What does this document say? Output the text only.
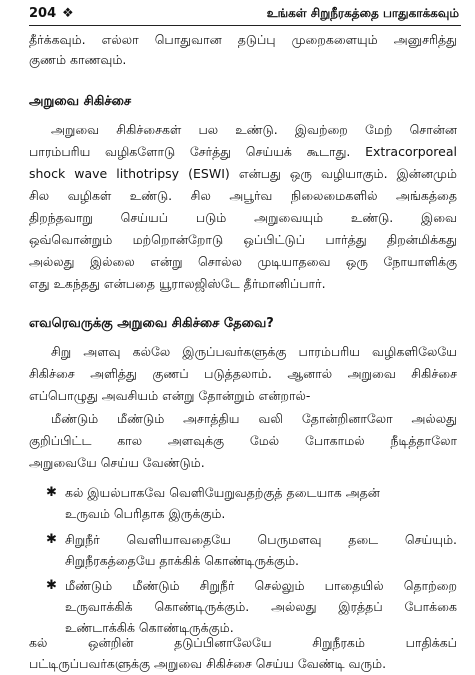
204 ❖	உங்கள் சிறுநீரகத்தை பாதுகாக்கவும்
தீர்க்கவும். எல்லா பொதுவான தடுப்பு முறைகளையும் அனுசரித்து
குணம் காணவும்.
அறுவை சிகிச்சை
அறுவை சிகிச்சைகள் பல உண்டு. இவற்றை மேற் சொன்ன
பாரம்பரிய வழிகளோடு சேர்த்து செய்யக் கூடாது. Extracorporeal
shock wave lithotripsy (ESWI) என்பது ஒரு வழியாகும். இன்னமும்
சில வழிகள் உண்டு. சில அபூர்வ நிலைமைகளில் அங்கத்தை
திறந்தவாறு செய்யப் படும் அறுவையும் உண்டு. இவை
ஒவ்வொன்றும் மற்றொன்றோடு ஒப்பிட்டுப் பார்த்து திறன்மிக்கது
அல்லது இல்லை என்று சொல்ல முடியாதவை ஒரு நோயாளிக்கு
எது உகந்தது என்பதை யூராலஜிஸ்டே தீர்மானிப்பார்.
எவரெவருக்கு அறுவை சிகிச்சை தேவை?
சிறு அளவு கல்லே இருப்பவர்களுக்கு பாரம்பரிய வழிகளிலேயே
சிகிச்சை அளித்து குணப் படுத்தலாம். ஆனால் அறுவை சிகிச்சை
எப்பொழுது அவசியம் என்று தோன்றும் என்றால்-
மீண்டும் மீண்டும் அசாத்திய வலி தோன்றினாலோ அல்லது
குறிப்பிட்ட கால அளவுக்கு மேல் போகாமல் நீடித்தாலோ
அறுவையே செய்ய வேண்டும்.
✱ கல் இயல்பாகவே வெளியேறுவதற்குத் தடையாக அதன்
உருவம் பெரிதாக இருக்கும்.
✱ சிறுநீர் வெளியாவதையே பெருமளவு தடை செய்யும்.
சிறுநீரகத்தையே தாக்கிக் கொண்டிருக்கும்.
✱ மீண்டும் மீண்டும் சிறுநீர் செல்லும் பாதையில் தொற்றை
உருவாக்கிக் கொண்டிருக்கும். அல்லது இரத்தப் போக்கை
உண்டாக்கிக் கொண்டிருக்கும்.
கல் ஒன்றின் தடுப்பினாலேயே சிறுநீரகம் பாதிக்கப்
பட்டிருப்பவர்களுக்கு அறுவை சிகிச்சை செய்ய வேண்டி வரும்.
